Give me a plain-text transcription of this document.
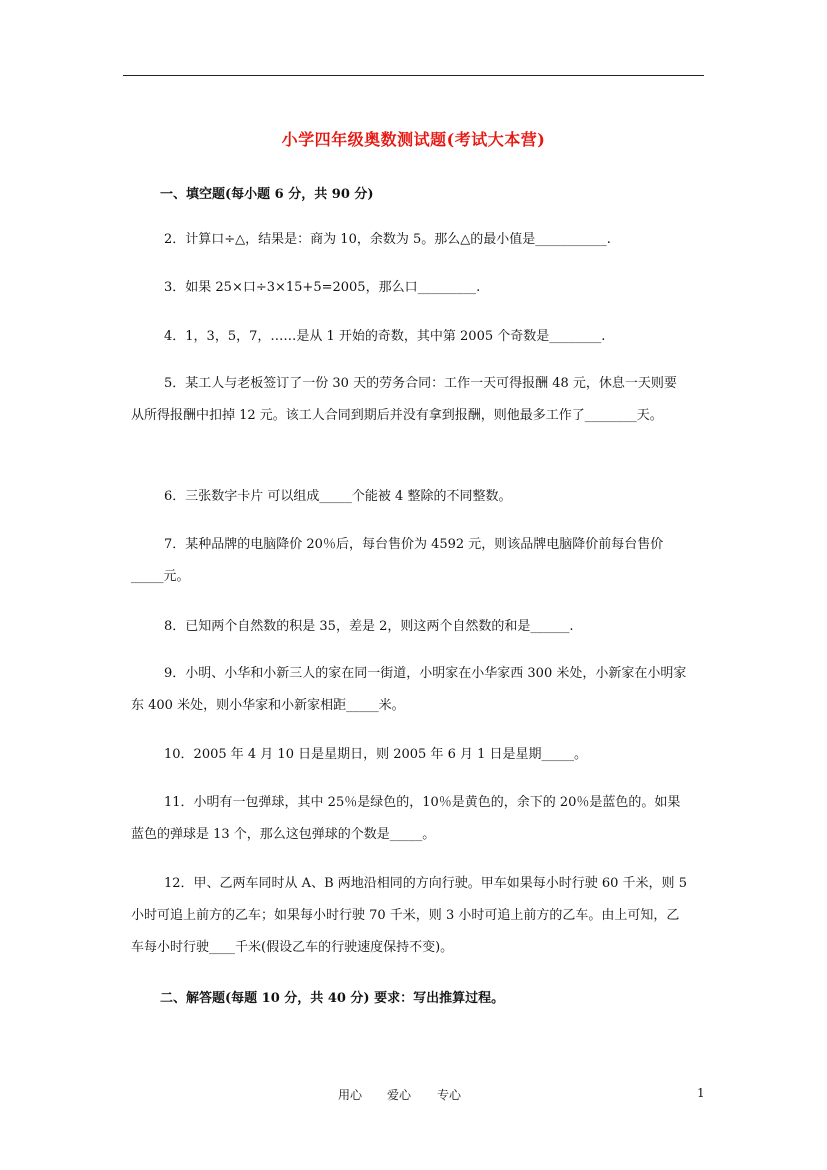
小学四年级奥数测试题(考试大本营)
一、填空题(每小题 6 分，共 90 分)
2．计算口÷△，结果是：商为 10，余数为 5。那么△的最小值是___________.
3．如果 25×口÷3×15+5=2005，那么口_________.
4．1，3，5，7，……是从 1 开始的奇数，其中第 2005 个奇数是________.
5．某工人与老板签订了一份 30 天的劳务合同：工作一天可得报酬 48 元，休息一天则要从所得报酬中扣掉 12 元。该工人合同到期后并没有拿到报酬，则他最多工作了________天。
6．三张数字卡片 可以组成_____个能被 4 整除的不同整数。
7．某种品牌的电脑降价 20％后，每台售价为 4592 元，则该品牌电脑降价前每台售价_____元。
8．已知两个自然数的积是 35，差是 2，则这两个自然数的和是______.
9．小明、小华和小新三人的家在同一街道，小明家在小华家西 300 米处，小新家在小明家东 400 米处，则小华家和小新家相距_____米。
10．2005 年 4 月 10 日是星期日，则 2005 年 6 月 1 日是星期_____。
11．小明有一包弹球，其中 25％是绿色的，10％是黄色的，余下的 20％是蓝色的。如果蓝色的弹球是 13 个，那么这包弹球的个数是_____。
12．甲、乙两车同时从 A、B 两地沿相同的方向行驶。甲车如果每小时行驶 60 千米，则 5 小时可追上前方的乙车；如果每小时行驶 70 千米，则 3 小时可追上前方的乙车。由上可知，乙车每小时行驶____千米(假设乙车的行驶速度保持不变)。
二、解答题(每题 10 分，共 40 分) 要求：写出推算过程。
用心 爱心 专心	1
